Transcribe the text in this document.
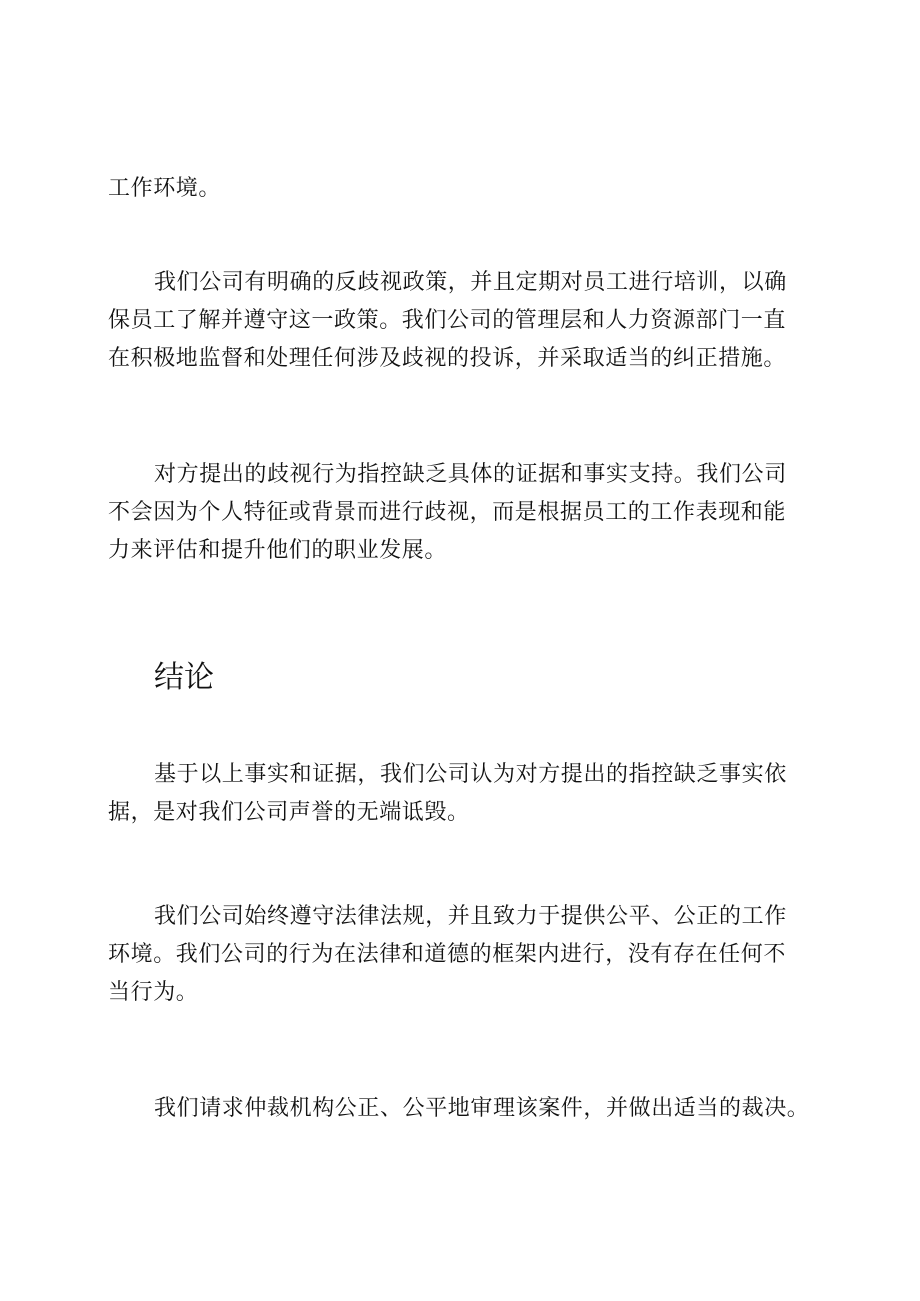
工作环境。

我们公司有明确的反歧视政策，并且定期对员工进行培训，以确
保员工了解并遵守这一政策。我们公司的管理层和人力资源部门一直
在积极地监督和处理任何涉及歧视的投诉，并采取适当的纠正措施。

对方提出的歧视行为指控缺乏具体的证据和事实支持。我们公司
不会因为个人特征或背景而进行歧视，而是根据员工的工作表现和能
力来评估和提升他们的职业发展。

结论

基于以上事实和证据，我们公司认为对方提出的指控缺乏事实依
据，是对我们公司声誉的无端诋毁。

我们公司始终遵守法律法规，并且致力于提供公平、公正的工作
环境。我们公司的行为在法律和道德的框架内进行，没有存在任何不
当行为。

我们请求仲裁机构公正、公平地审理该案件，并做出适当的裁决。
